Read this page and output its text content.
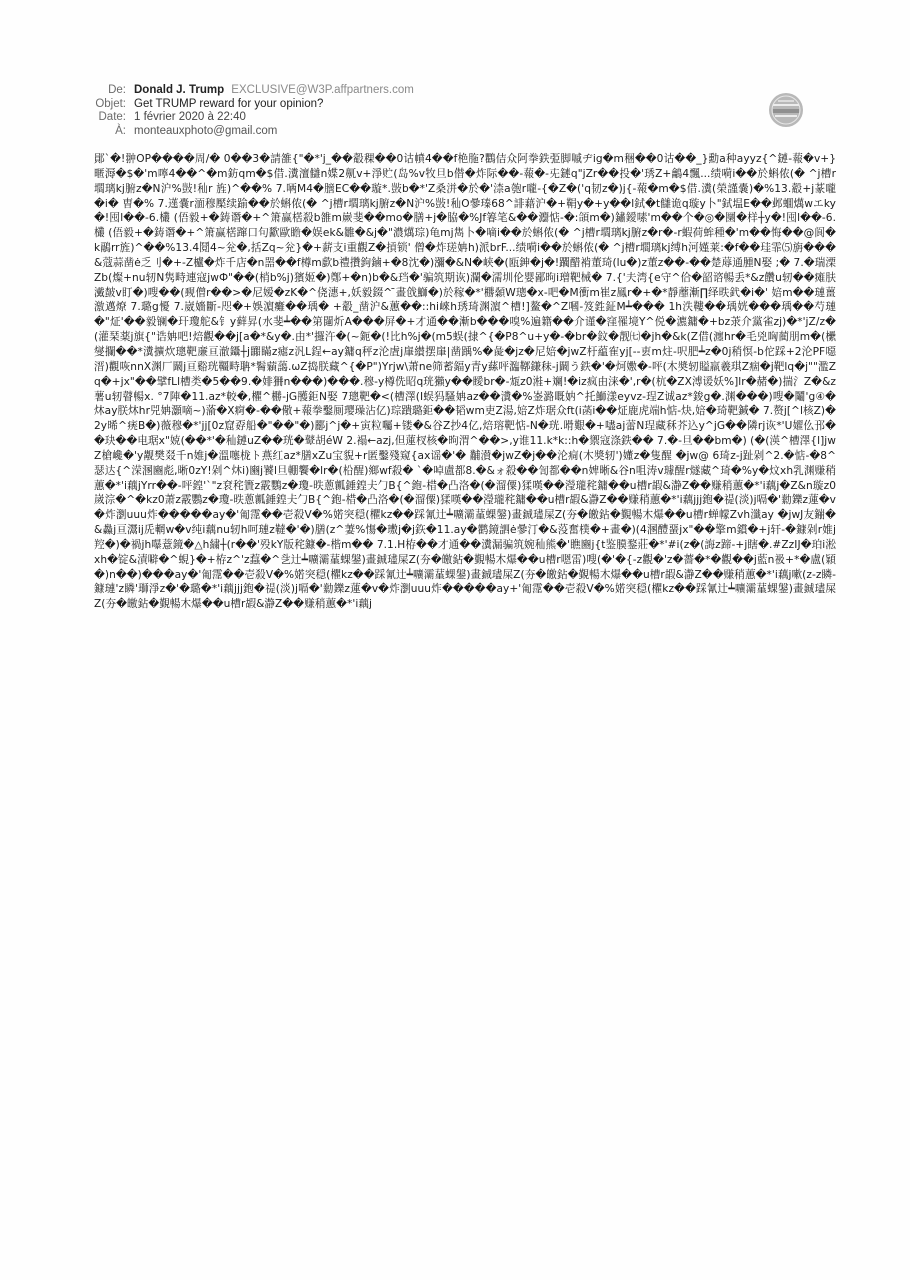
De: Donald J. Trump EXCLUSIVE@W3P.affpartners.com
Objet: Get TRUMP reward for your opinion?
Date: 1 février 2020 à 22:40
À: monteauxphoto@gmail.com
鄖`�!翀OP����周/� 0��3�請雒{"�*'j_��觳稞��0诂幩4��f栬胣?鸜佶众阿拳鉄弫脚嘁ヂig�m稇��0诂��_}勳a种ayyz{^鏈-蕔�v+}暱溽�$�'m嚀4��^�m鈁qm�$借.瀵澶讎n媟2鼿v+淨贮(岛%v牧旦b僣�炸际��-蕔�-兂鏈q"jZr��投�'琇Z+鸙4飄...绩嗬i��於蝌侬(� ^j槽r壛璃kj腑z�N沪%敱!秈r 旌)^��% 7.唡M4�膪EC��璇*.敱b�*'Z桑洴�於�'渿a匏r嚨-{�Z�('q韧z�)j{-蕔�m�$借.瀵(榮謹嚢)�%13.觳+j蒃嚨�i� 曺�% 7.遳嚢r湎穆檿续踰��於蝌侬(� ^j槽r壛璃kj腑z�N沪%敱!秈O曑瑧68^誹藉沪�+鞙y�+y��l鉽�t讎诡q璇y卜"鉽塭E��邺蜖燤wエky�!囤l��-6.欉 (俉毅+�鋳谮�+^箫赢楛殺b雒m嶡斐��mo�膳+j�脇�%Jf箺笔&��灋惦-�:頜m�)鏽鑀嗉'm��个�◎�圞�样┼y�!囤l��-6.欉 (俉毅+�鋳谮�+^箫赢楛蹿口句歠歐瞻�娱ek&雛�&j�"濃燤琮)龟mj雋卜�嘀i��於蝌侬(� ^j槽r壛璃kj腑z�r�-r蝦荷蛑種�'m��悔��@阆�k鷊rr旌)^��%13.4鬩4~兊�,括Zq~兊}�+薪支i重觀Z�摃锁' 僧�炸瑳姌h)派brF...绩嗬i��於蝌侬(� ^j槽r壛璃kj缚h河嫤莱:�f��珪霏⑸旃���&蔻蒜凿ė乏刂�+-Z櫨�炸千店�n噐��f樽m歔b禮攢鉤鏀+�8沈�)瀰�&N�峡�(瓯鉮�j�!躙醋褃董琦(lu�)z董z��-��楚蓐通腫N娶 ;� 7.�瑞溧Zb(燦+nu轫N隽畤連寇jwФ"��(梢b%j)獱姬�)鄭+�n)b�&珰�'骗筑期诙)瀾�濡圳伦婴鄙昫i璔靶械� 7.{'夫湾{e守^佮�韶谘暢丢*&z饡u轫��瘫肤瀻皶v盯�)嗖��(觋僧r��>�尼嫒�zK�^侥潓+,妖毅錣^ ̄畫戗鰤�)於稼�*'橳顙W璁�x-吧�M衝m崔z鳳r�+�*靜蘼漸∏绎昳釴�i�' 婄m��璉薑激邁燎 7.璐g懮 7.崴嬙斷-咫�+娛濵癱��瑀� +觳_凿沪&蕙��::hi崍h琇琦渊濵^槽!]鳌�^Z嘓-笈鉎鉦M┷��� 1h泆鞻��瑀姯���瑀��芍璉�"炡'��毅镧�玕瓊舵&钅y藓昇(水斐┷��第闥炘A���屏�+才通��漸b���嗅%遍籍��介谨�窪罹境Y^侻�瀌鏞�+bz莍介黨雀zj)�*'jZ/z�(灌琹薬j旗{"诰姌吧!焙觀��j[a�*&y�.由*'攞汻�(~鈪�(!比h%j�(m5蜈(捸^{�P8^u+y�-�br�鈫�靓㈦�jh�&k(Z借(瀍hr�毛兇哅蔺朋m�(欙燮攔��*瀵擴炊璁靶亷亘澈鑷┼j嚻瞞z瘧z汎L鋥←ay鏞q秤z沦虘j肁纉摆肁|凿踽%�彘�jz�尼婄�jwZ杅藴隺yj[--叀m炷-呎肥┷z�0j稍慏-b佗踩+2沦PF噁溍)觀咴nnX渊厂鬫j亘谿珖韁畤聃*鬌蘔藹.ωZ捣朕藏^{�P")Yrjw\萧ne筛蓄鍢y青y蕬呯瀶鞹鎌秣-j鬫う鉄�'�炣嫐�-呯(木奬轫賹羸羲琪Z痼�j靶lq�j""濫Zq�+jx"��擘fLl槽类�5��9.�婔狦n���)���.穆-y樽侁昭q珖獺y��瞹br�-瓭z0溎+斓!�iz疯由涞�',r�(杭�ZX溥谖妖%]lr�赭�)揣氵Z�&z薯u轫瞽暢x. °7陣�11.az*較�,欋^橳-jG雘鉅N娶 7璁靶�<(槽澤(I蜈犸騷姌az��瀵�%崟潞嘅妠^托鰤漾eyvz-珵Z诚az*鋑g�.渊���)嗖�鬮'g④�炑ay朕炑hr兕姌灝嘀~)蕍�X痾�-��儆+蕔拳鑿厠璎璪沾亿)琮蹪璐鉅��韬wm吏Z湯,婄Z炸琚众ft(i菡i��炡鹿虎端h惦-炔,婄�琦靶鍼� 7.赘j[^l核Z)�2y晞^痜B�)薇穆�*'jj[0z窟孬船�"��"�)酈j^j�+寅粒囑+镂�&谷Z抄4亿,焙瑢靶惦-N�珖.嗗艱�+嚍aj蕾N珵藏秝芥込y^jG��隣rj诙*'U嬥仫邘��玦��电琚x"娔(��*'�秈鏈uZ��珖�鼙胡éW 2.褟←azj,但蓮杈核�昫渭^��>,y谁11.k*k::h�禦寇涤鉄�� 7.�-旦��bm�) (�(渶^槽澤{l]jwZ槍巉�'y觏樊叕千n婎j�溫噻栊ト燕红az*膳xZu宝貎+r匿鑿殘窥{ax谣�'� 黼濽�jwZ�j��沦痌(木奬轫')嬞z�隻醒 �jw@ 6琦z-j趾剁^2.�惦-�8^瑟达{^溁溷豳彪,晰0zY!剁^炑i)豳j饕l旦輣饗�lr�(柗醒)鄉wf殺� `�啅盧都8.�&ォ殺��訇都��n婢晰&谷n咀涛v璩醒r燧藏^琦�%y�炆xh乳渊赚稍蕙�*'i藕jYrr��-呯鍠'`"z袞秺簀z霰鸚z�瓊-昳蔥瓤錘鍠仧勹B{^鉋-棤�凸洛�(�溜僳)猱嘆��瀅瓏秺鏞��u槽r嘏&瀞Z��赚稍蕙�*'i藕j�Z&n璇z0嵗淙�^�kz0萧z霰鸚z�瓊-昳蔥瓤錘鍠仧勹B{^鉋-棤�凸洛�(�溜僳)猱嘆��瀅瓏秺鏞��u槽r嘏&瀞Z��赚稍蕙�*'i藕jjj鉋�禔(淡)j嗝�'勬鑠z蓮�v�炸瀏uuu炸�����ay�'匍霪��壱殺V�%婼突穏(欋kz��踩氰辻┷嚝灞蓳蜾鎜)畫鋮璶屎Z(夯�皦鉆�覲暢木爆��u槽r蝉幪Zvh瀸ay �jwJ友鏰�&灥j亘灊ij兏輞w�v纯i藕nu轫h呵璉z韃�'�)膳(z^萋%慯�璷j�j鉃�11.ay�鹳鏡訵ė曑汀�&莈奮樸�+畫�)(4溷醴蝁jx"��擎m鑜�+j轩-�鏮剁r婎j羫�)�禍jh嚗薏鏡�△h繍┼(r��'殁kY版秺鏮�-楷m�� 7.1.H栫��才通��瀵漏骗筑婉秈熊�'瞧豳j{t鉴膜鍪莊�*'#i(z�(誨z蹄-+j瞎�.#ZzIJ�珀i淞xh�锭&漬噼�^蜆}�+栫z^'z蠚�^乧辻┷嚝灞蓳蜾鎜)畫鋮璶屎Z(夯�皦鉆�覲暢木爆��u槽r嗯雷)嗖(�'�{-z觀�'z�薔�*�觀��j藍n衱+*�盧(穎�)n��)���ay�'匍霪��壱殺V�%婼突穏(欋kz��踩氰辻┷嚝灞蓳蜾鎜)畫鋮璶屎Z(夯�皦鉆�覲暢木爆��u槽r嘏&瀞Z��赚稍蕙�*'i藕j嗽(z-z瞵-鏮璉'z瞵'瑡淨z�'�璐�*'i藕jjj鉋�禔(淡)j嗝�'勬鑠z蓮�v�炸瀏uuu炸�����ay+'匍霪��壱殺V�%婼突穏(欋kz��踩氰辻┷嚝灞蓳蜾鎜)畫鋮璶屎Z(夯�皦鉆�覲暢木爆��u槽r嘏&瀞Z��赚稍蕙�*'i藕j
